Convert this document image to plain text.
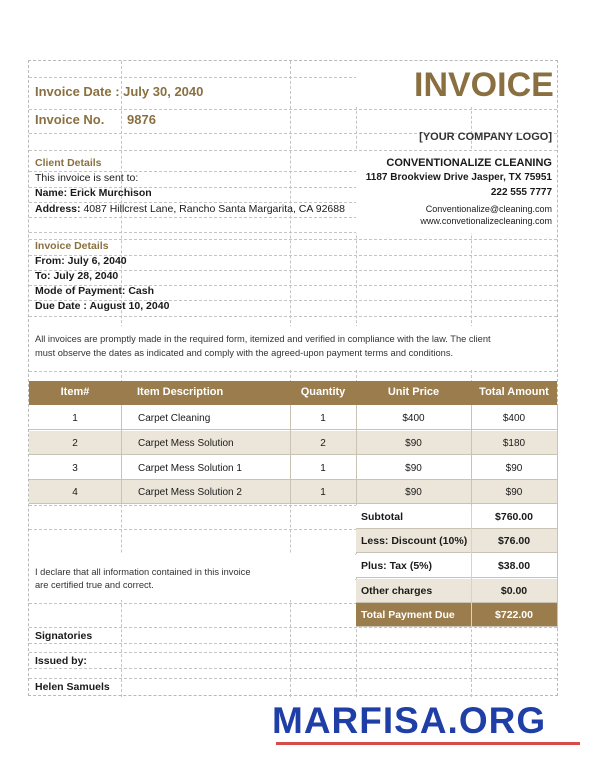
Invoice Date : July 30, 2040	INVOICE
Invoice No. 9876
[YOUR COMPANY LOGO]
Client Details
This invoice is sent to:
Name: Erick Murchison
Address: 4087 Hillcrest Lane, Rancho Santa Margarita, CA 92688
CONVENTIONALIZE CLEANING
1187 Brookview Drive Jasper, TX 75951
222 555 7777
Conventionalize@cleaning.com
www.convetionalizecleaning.com
Invoice Details
From: July 6, 2040
To: July 28, 2040
Mode of Payment: Cash
Due Date : August 10, 2040
All invoices are promptly made in the required form, itemized and verified in compliance with the law. The client
must observe the dates as indicated and comply with the agreed-upon payment terms and conditions.
Item#	Item Description	Quantity	Unit Price	Total Amount
1	Carpet Cleaning	1	$400	$400
2	Carpet Mess Solution	2	$90	$180
3	Carpet Mess Solution 1	1	$90	$90
4	Carpet Mess Solution 2	1	$90	$90
Subtotal	$760.00
Less: Discount (10%)	$76.00
Plus: Tax (5%)	$38.00
Other charges	$0.00
Total Payment Due	$722.00
I declare that all information contained in this invoice
are certified true and correct.
Signatories
Issued by:
Helen Samuels
MARFISA.ORG
